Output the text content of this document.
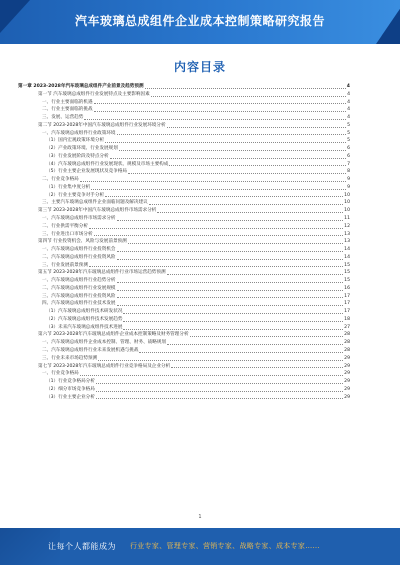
汽车玻璃总成组件企业成本控制策略研究报告
内容目录
第一章 2023-2028年汽车玻璃总成组件产业前景及趋势预测	4
第一节 汽车玻璃总成组件行业发展特点及主要影响因素	4
一、行业主要面临的机遇	4
二、行业主要面临的挑战	4
三、发展、运营趋势	4
第二节 2023-2028年中国汽车玻璃总成组件行业发展环境分析	5
一、汽车玻璃总成组件行业政策环境	5
（1）国内宏观政策环境分析	5
（2）产业政策环境、行业发展规划	6
（3）行业发展阶段及特点分析	6
（4）汽车玻璃总成组件行业发展现状、规模及市场主要构成	7
（5）行业主要企业发展现状及竞争格局	8
二、行业竞争格局	9
（1）行业集中度分析	9
（2）行业主要竞争对手分析	10
三、主要汽车玻璃总成组件企业面临问题及解决建议	10
第三节 2023-2028年中国汽车玻璃总成组件市场需求分析	10
一、汽车玻璃总成组件市场需求分析	11
二、行业供需平衡分析	12
三、行业进出口市场分析	13
第四节 行业投资机会、风险与发展前景预测	13
一、汽车玻璃总成组件行业投资机会	14
二、汽车玻璃总成组件行业投资风险	14
三、行业发展前景预测	15
第五节 2023-2028年汽车玻璃总成组件行业市场运营趋势预测	15
一、汽车玻璃总成组件行业趋势分析	15
二、汽车玻璃总成组件行业发展规模	16
三、汽车玻璃总成组件行业投资风险	17
四、汽车玻璃总成组件行业技术发展	17
（1）汽车玻璃总成组件技术研发状况	17
（2）汽车玻璃总成组件技术发展趋势	18
（3）未来汽车玻璃总成组件技术进展	27
第六节 2023-2028年汽车玻璃总成组件企业成本控制策略及财务管理分析	28
一、汽车玻璃总成组件企业成本控制、管理、财务、战略规划	28
二、汽车玻璃总成组件行业未来发展机遇与挑战	28
三、行业未来市场趋势预测	29
第七节 2023-2028年汽车玻璃总成组件行业竞争格局及企业分析	29
一、行业竞争格局	29
（1）行业竞争格局分析	29
（2）细分市场竞争格局	29
（3）行业主要企业分析	29
1
让每个人都能成为 行业专家、管理专家、营销专家、战略专家、成本专家……
